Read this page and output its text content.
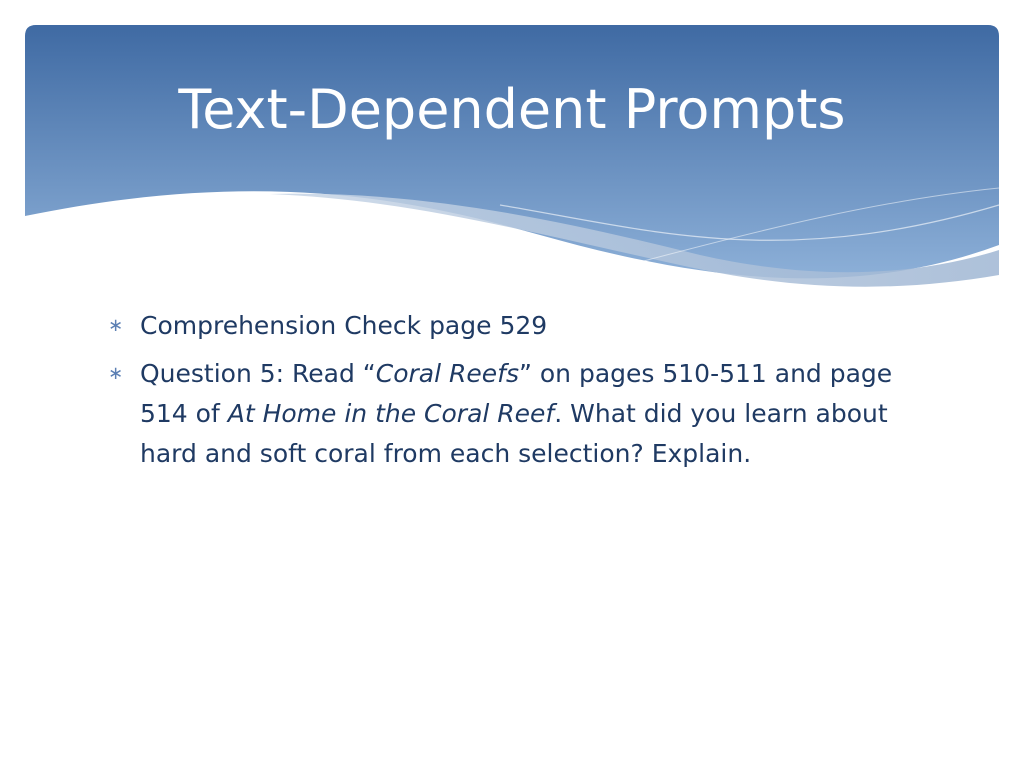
Text-Dependent Prompts
∗ Comprehension Check page 529
∗ Question 5: Read “Coral Reefs” on pages 510-511 and page 514 of At Home in the Coral Reef. What did you learn about hard and soft coral from each selection? Explain.
